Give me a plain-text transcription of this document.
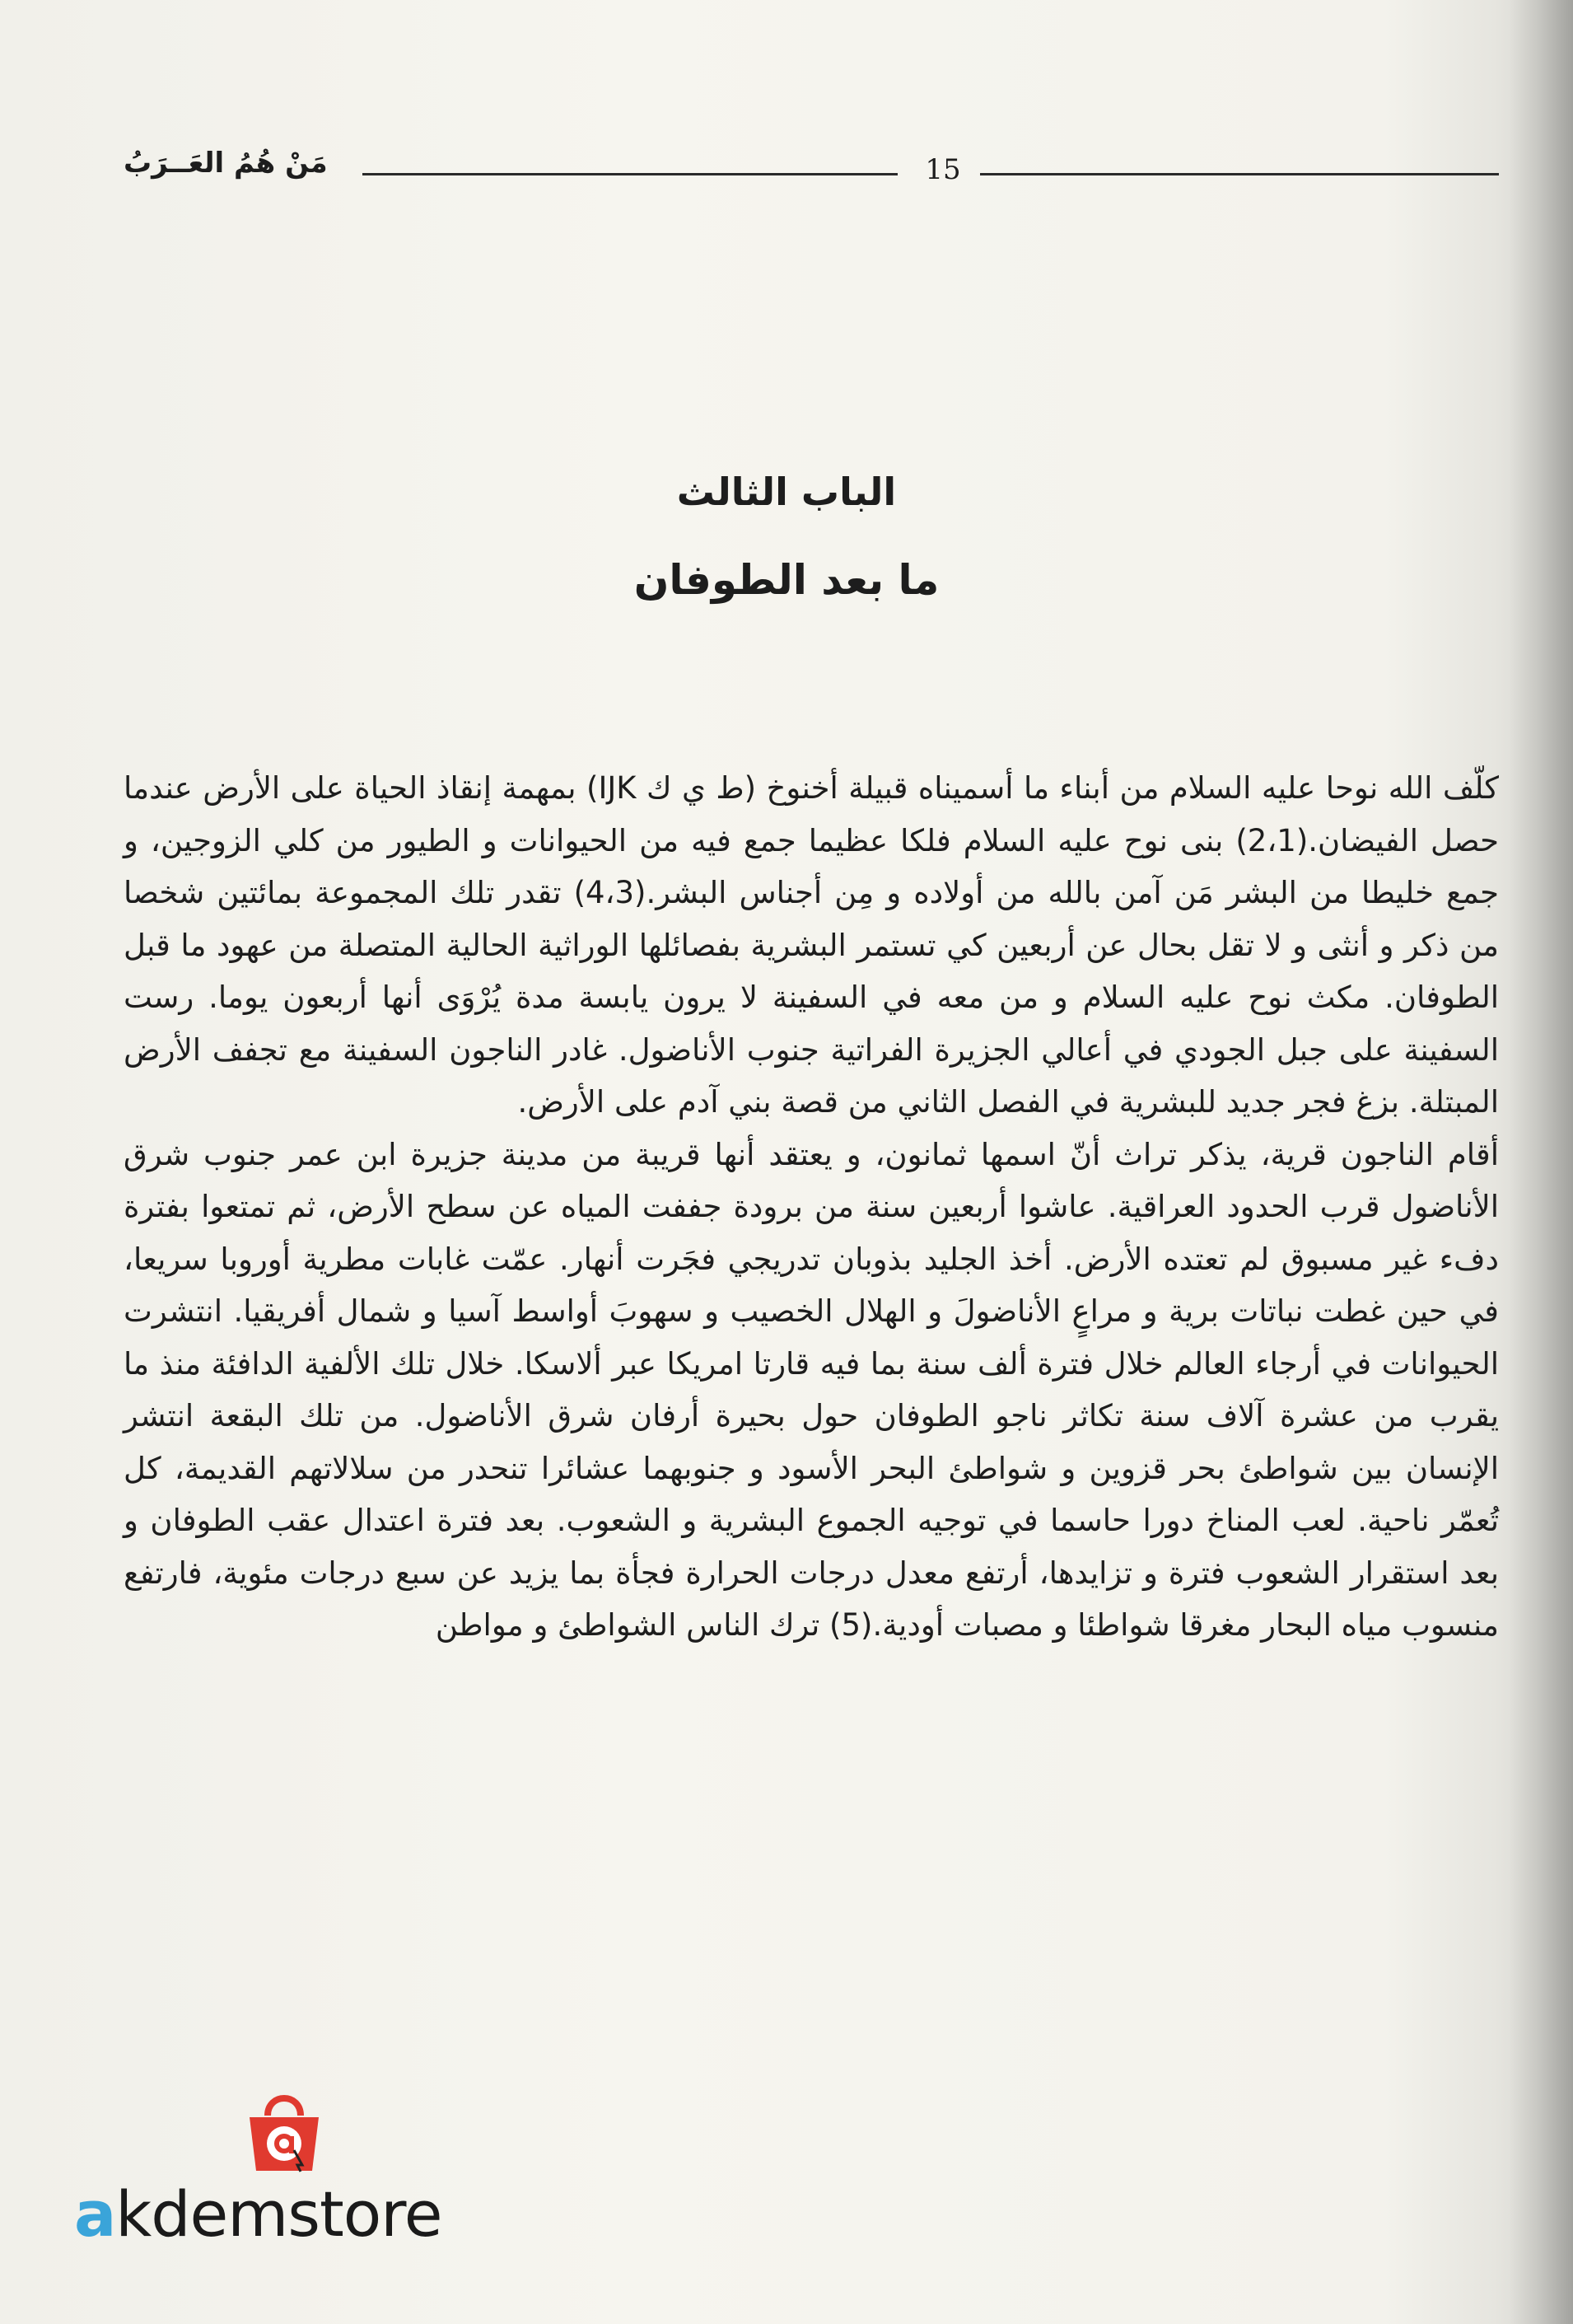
مَنْ هُمُ العَــرَبُ	15
الباب الثالث
ما بعد الطوفان

كلّف الله نوحا عليه السلام من أبناء ما أسميناه قبيلة أخنوخ (ط ي ك IJK) بمهمة إنقاذ الحياة على الأرض عندما حصل الفيضان.(2،1) بنى نوح عليه السلام فلكا عظيما جمع فيه من الحيوانات و الطيور من كلي الزوجين، و جمع خليطا من البشر مَن آمن بالله من أولاده و مِن أجناس البشر.(4،3) تقدر تلك المجموعة بمائتين شخصا من ذكر و أنثى و لا تقل بحال عن أربعين كي تستمر البشرية بفصائلها الوراثية الحالية المتصلة من عهود ما قبل الطوفان. مكث نوح عليه السلام و من معه في السفينة لا يرون يابسة مدة يُرْوَى أنها أربعون يوما. رست السفينة على جبل الجودي في أعالي الجزيرة الفراتية جنوب الأناضول. غادر الناجون السفينة مع تجفف الأرض المبتلة. بزغ فجر جديد للبشرية في الفصل الثاني من قصة بني آدم على الأرض.

أقام الناجون قرية، يذكر تراث أنّ اسمها ثمانون، و يعتقد أنها قريبة من مدينة جزيرة ابن عمر جنوب شرق الأناضول قرب الحدود العراقية. عاشوا أربعين سنة من برودة جففت المياه عن سطح الأرض، ثم تمتعوا بفترة دفء غير مسبوق لم تعتده الأرض. أخذ الجليد بذوبان تدريجي فجَرت أنهار. عمّت غابات مطرية أوروبا سريعا، في حين غطت نباتات برية و مراعٍ الأناضولَ و الهلال الخصيب و سهوبَ أواسط آسيا و شمال أفريقيا. انتشرت الحيوانات في أرجاء العالم خلال فترة ألف سنة بما فيه قارتا امريكا عبر ألاسكا. خلال تلك الألفية الدافئة منذ ما يقرب من عشرة آلاف سنة تكاثر ناجو الطوفان حول بحيرة أرفان شرق الأناضول. من تلك البقعة انتشر الإنسان بين شواطئ بحر قزوين و شواطئ البحر الأسود و جنوبهما عشائرا تنحدر من سلالاتهم القديمة، كل تُعمّر ناحية. لعب المناخ دورا حاسما في توجيه الجموع البشرية و الشعوب. بعد فترة اعتدال عقب الطوفان و بعد استقرار الشعوب فترة و تزايدها، أرتفع معدل درجات الحرارة فجأة بما يزيد عن سبع درجات مئوية، فارتفع منسوب مياه البحار مغرقا شواطئا و مصبات أودية.(5) ترك الناس الشواطئ و مواطن

akdemstore
